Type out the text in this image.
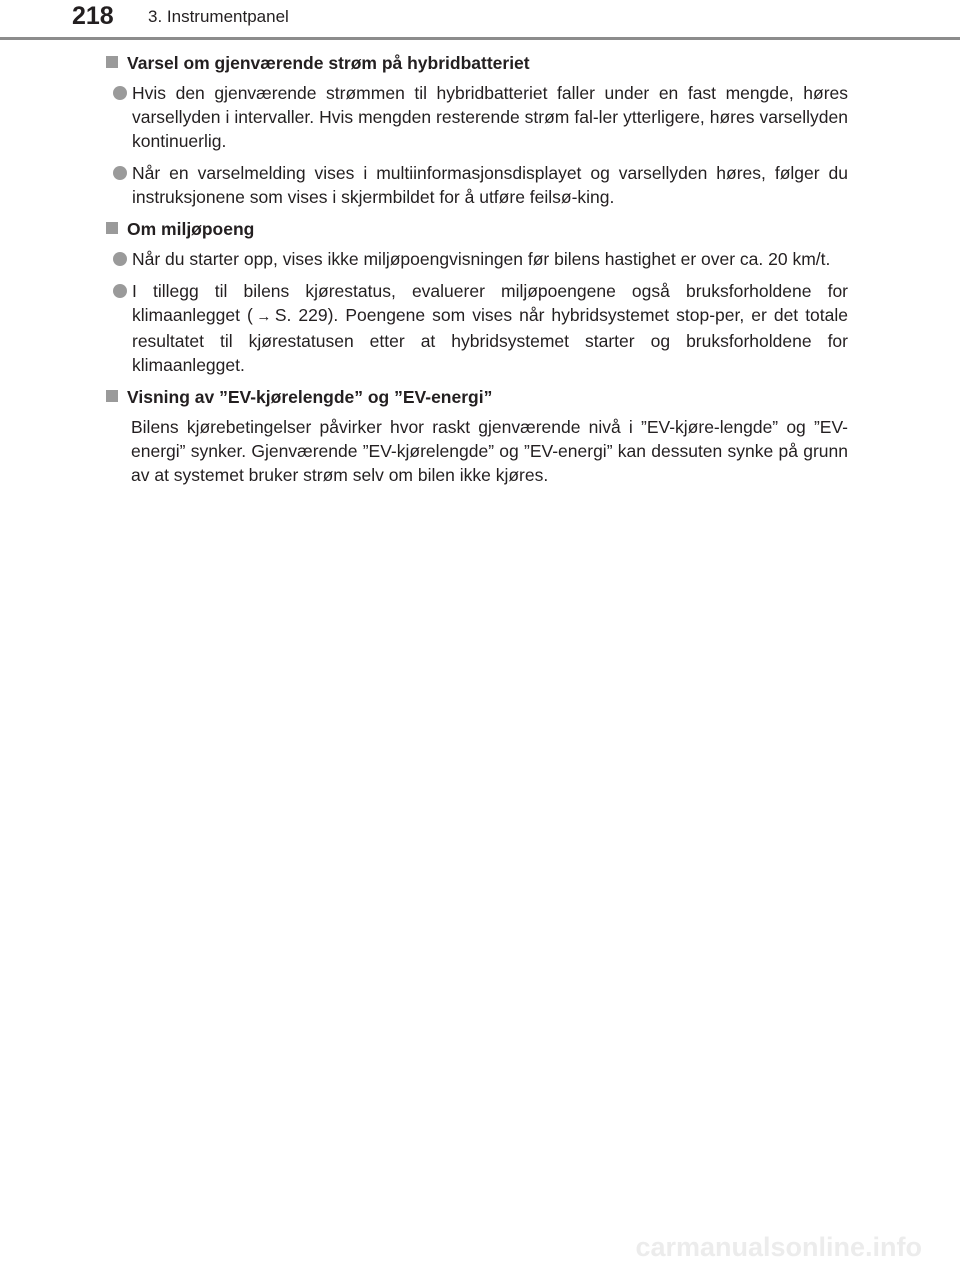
218 3. Instrumentpanel
Varsel om gjenværende strøm på hybridbatteriet
Hvis den gjenværende strømmen til hybridbatteriet faller under en fast mengde, høres varsellyden i intervaller. Hvis mengden resterende strøm fal-ler ytterligere, høres varsellyden kontinuerlig.
Når en varselmelding vises i multiinformasjonsdisplayet og varsellyden høres, følger du instruksjonene som vises i skjermbildet for å utføre feilsø-king.
Om miljøpoeng
Når du starter opp, vises ikke miljøpoengvisningen før bilens hastighet er over ca. 20 km/t.
I tillegg til bilens kjørestatus, evaluerer miljøpoengene også bruksforholdene for klimaanlegget ( → S. 229). Poengene som vises når hybridsystemet stop-per, er det totale resultatet til kjørestatusen etter at hybridsystemet starter og bruksforholdene for klimaanlegget.
Visning av ”EV-kjørelengde” og ”EV-energi”
Bilens kjørebetingelser påvirker hvor raskt gjenværende nivå i ”EV-kjøre-lengde” og ”EV-energi” synker. Gjenværende ”EV-kjørelengde” og ”EV-energi” kan dessuten synke på grunn av at systemet bruker strøm selv om bilen ikke kjøres.
carmanualsonline.info
